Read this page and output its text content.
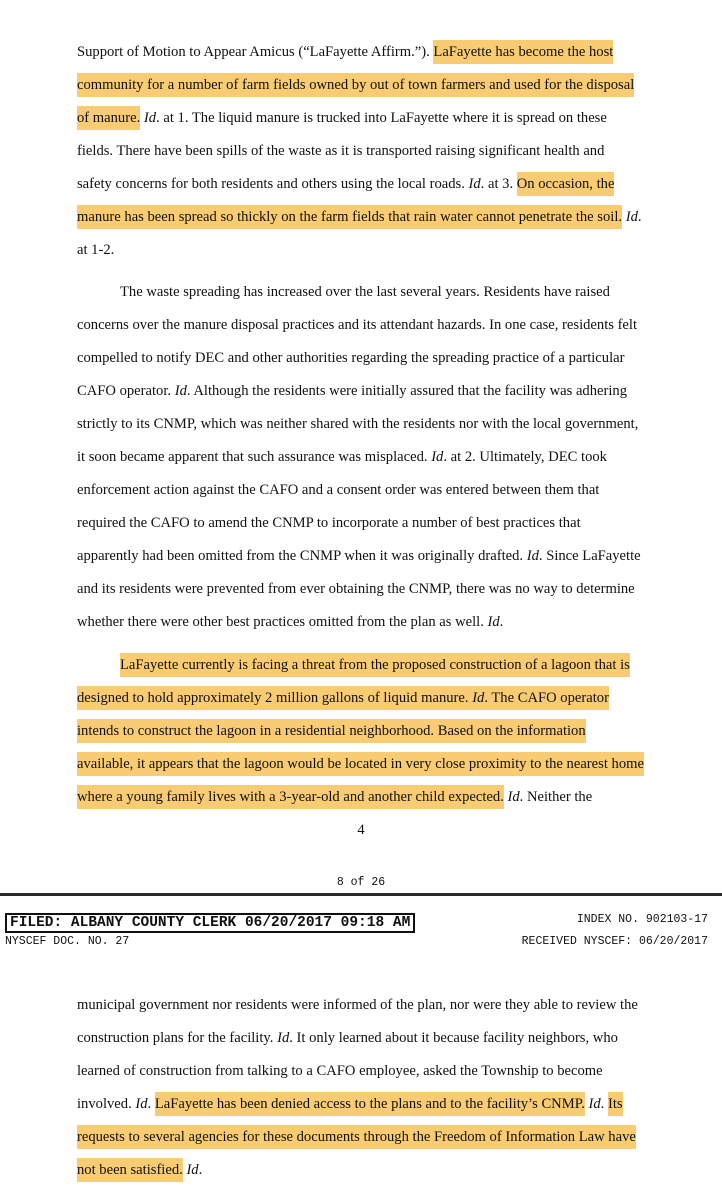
Support of Motion to Appear Amicus (“LaFayette Affirm.”). LaFayette has become the host
community for a number of farm fields owned by out of town farmers and used for the disposal
of manure. Id. at 1. The liquid manure is trucked into LaFayette where it is spread on these
fields. There have been spills of the waste as it is transported raising significant health and
safety concerns for both residents and others using the local roads. Id. at 3. On occasion, the
manure has been spread so thickly on the farm fields that rain water cannot penetrate the soil. Id.
at 1-2.
The waste spreading has increased over the last several years. Residents have raised
concerns over the manure disposal practices and its attendant hazards. In one case, residents felt
compelled to notify DEC and other authorities regarding the spreading practice of a particular
CAFO operator. Id. Although the residents were initially assured that the facility was adhering
strictly to its CNMP, which was neither shared with the residents nor with the local government,
it soon became apparent that such assurance was misplaced. Id. at 2. Ultimately, DEC took
enforcement action against the CAFO and a consent order was entered between them that
required the CAFO to amend the CNMP to incorporate a number of best practices that
apparently had been omitted from the CNMP when it was originally drafted. Id. Since LaFayette
and its residents were prevented from ever obtaining the CNMP, there was no way to determine
whether there were other best practices omitted from the plan as well. Id.
LaFayette currently is facing a threat from the proposed construction of a lagoon that is
designed to hold approximately 2 million gallons of liquid manure. Id. The CAFO operator
intends to construct the lagoon in a residential neighborhood. Based on the information
available, it appears that the lagoon would be located in very close proximity to the nearest home
where a young family lives with a 3-year-old and another child expected. Id. Neither the
4
8 of 26
FILED: ALBANY COUNTY CLERK 06/20/2017 09:18 AM	INDEX NO. 902103-17
NYSCEF DOC. NO. 27	RECEIVED NYSCEF: 06/20/2017
municipal government nor residents were informed of the plan, nor were they able to review the
construction plans for the facility. Id. It only learned about it because facility neighbors, who
learned of construction from talking to a CAFO employee, asked the Township to become
involved. Id. LaFayette has been denied access to the plans and to the facility’s CNMP. Id. Its
requests to several agencies for these documents through the Freedom of Information Law have
not been satisfied. Id.
